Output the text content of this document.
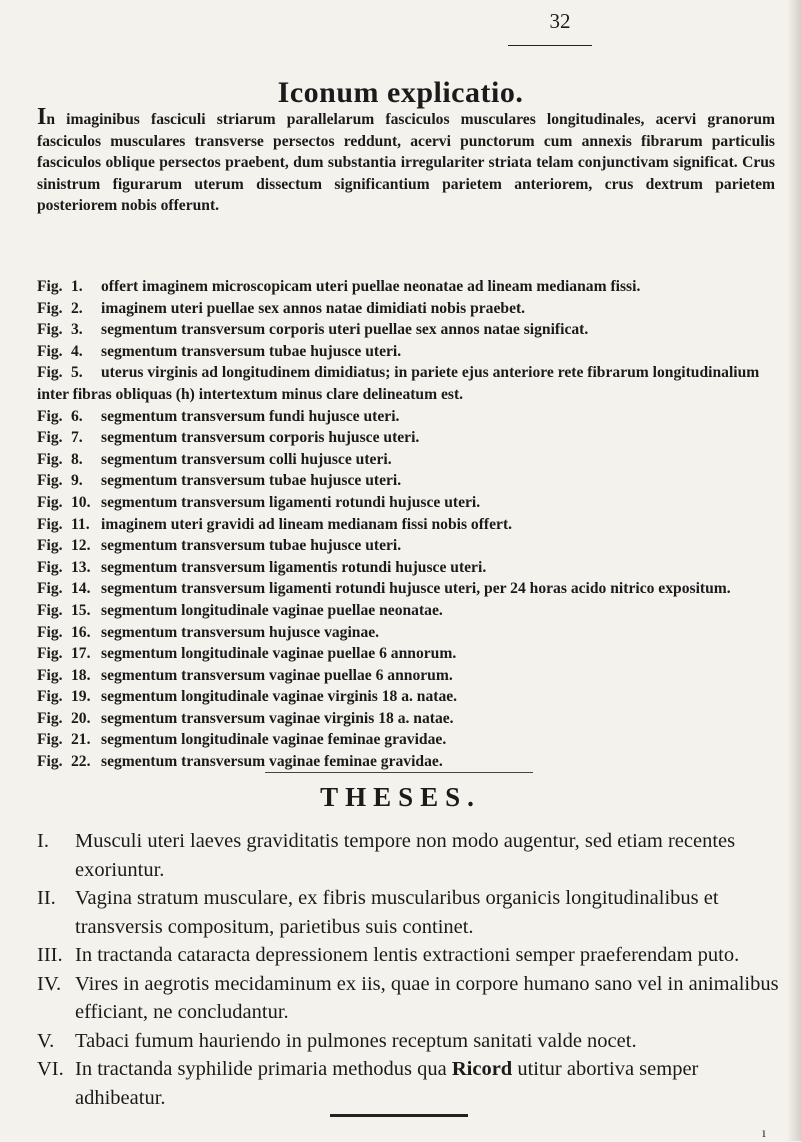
32
Iconum explicatio.
In imaginibus fasciculi striarum parallelarum fasciculos musculares longitudinales, acervi granorum fasciculos musculares transverse persectos reddunt, acervi punctorum cum annexis fibrarum particulis fasciculos oblique persectos praebent, dum substantia irregulariter striata telam conjunctivam significat. Crus sinistrum figurarum uterum dissectum significantium parietem anteriorem, crus dextrum parietem posteriorem nobis offerunt.
Fig. 1. offert imaginem microscopicam uteri puellae neonatae ad lineam medianam fissi.
Fig. 2. imaginem uteri puellae sex annos natae dimidiati nobis praebet.
Fig. 3. segmentum transversum corporis uteri puellae sex annos natae significat.
Fig. 4. segmentum transversum tubae hujusce uteri.
Fig. 5. uterus virginis ad longitudinem dimidiatus; in pariete ejus anteriore rete fibrarum longitudinalium inter fibras obliquas (h) intertextum minus clare delineatum est.
Fig. 6. segmentum transversum fundi hujusce uteri.
Fig. 7. segmentum transversum corporis hujusce uteri.
Fig. 8. segmentum transversum colli hujusce uteri.
Fig. 9. segmentum transversum tubae hujusce uteri.
Fig. 10. segmentum transversum ligamenti rotundi hujusce uteri.
Fig. 11. imaginem uteri gravidi ad lineam medianam fissi nobis offert.
Fig. 12. segmentum transversum tubae hujusce uteri.
Fig. 13. segmentum transversum ligamentis rotundi hujusce uteri.
Fig. 14. segmentum transversum ligamenti rotundi hujusce uteri, per 24 horas acido nitrico expositum.
Fig. 15. segmentum longitudinale vaginae puellae neonatae.
Fig. 16. segmentum transversum hujusce vaginae.
Fig. 17. segmentum longitudinale vaginae puellae 6 annorum.
Fig. 18. segmentum transversum vaginae puellae 6 annorum.
Fig. 19. segmentum longitudinale vaginae virginis 18 a. natae.
Fig. 20. segmentum transversum vaginae virginis 18 a. natae.
Fig. 21. segmentum longitudinale vaginae feminae gravidae.
Fig. 22. segmentum transversum vaginae feminae gravidae.
THESES.
I.	Musculi uteri laeves graviditatis tempore non modo augentur, sed etiam recentes exoriuntur.
II. Vagina stratum musculare, ex fibris muscularibus organicis longitudinalibus et transversis compositum, parietibus suis continet.
III. In tractanda cataracta depressionem lentis extractioni semper praeferendam puto.
IV. Vires in aegrotis mecidaminum ex iis, quae in corpore humano sano vel in animalibus efficiant, ne concludantur.
V.	Tabaci fumum hauriendo in pulmones receptum sanitati valde nocet.
VI. In tractanda syphilide primaria methodus qua Ricord utitur abortiva semper adhibeatur.
ı
